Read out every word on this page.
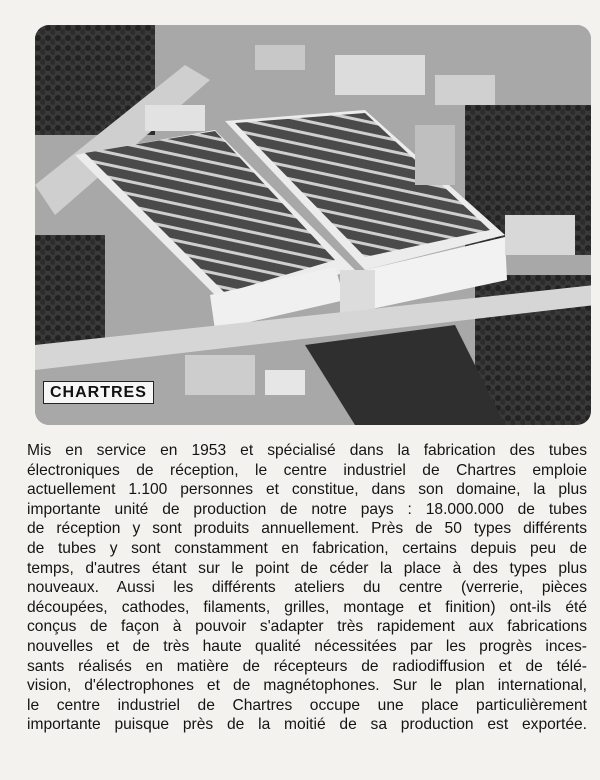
CHARTRES
Mis en service en 1953 et spécialisé dans la fabrication des tubes
électroniques de réception, le centre industriel de Chartres emploie
actuellement 1.100 personnes et constitue, dans son domaine, la plus
importante unité de production de notre pays : 18.000.000 de tubes
de réception y sont produits annuellement. Près de 50 types différents
de tubes y sont constamment en fabrication, certains depuis peu de
temps, d'autres étant sur le point de céder la place à des types plus
nouveaux. Aussi les différents ateliers du centre (verrerie, pièces
découpées, cathodes, filaments, grilles, montage et finition) ont-ils été
conçus de façon à pouvoir s'adapter très rapidement aux fabrications
nouvelles et de très haute qualité nécessitées par les progrès inces-
sants réalisés en matière de récepteurs de radiodiffusion et de télé-
vision, d'électrophones et de magnétophones. Sur le plan international,
le centre industriel de Chartres occupe une place particulièrement
importante puisque près de la moitié de sa production est exportée.
